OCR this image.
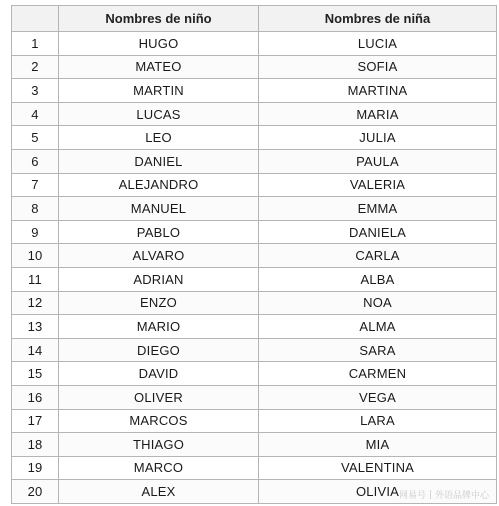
	Nombres de niño	Nombres de niña
1	HUGO	LUCIA
2	MATEO	SOFIA
3	MARTIN	MARTINA
4	LUCAS	MARIA
5	LEO	JULIA
6	DANIEL	PAULA
7	ALEJANDRO	VALERIA
8	MANUEL	EMMA
9	PABLO	DANIELA
10	ALVARO	CARLA
11	ADRIAN	ALBA
12	ENZO	NOA
13	MARIO	ALMA
14	DIEGO	SARA
15	DAVID	CARMEN
16	OLIVER	VEGA
17	MARCOS	LARA
18	THIAGO	MIA
19	MARCO	VALENTINA
20	ALEX	OLIVIA 网易号 外语品牌中心
